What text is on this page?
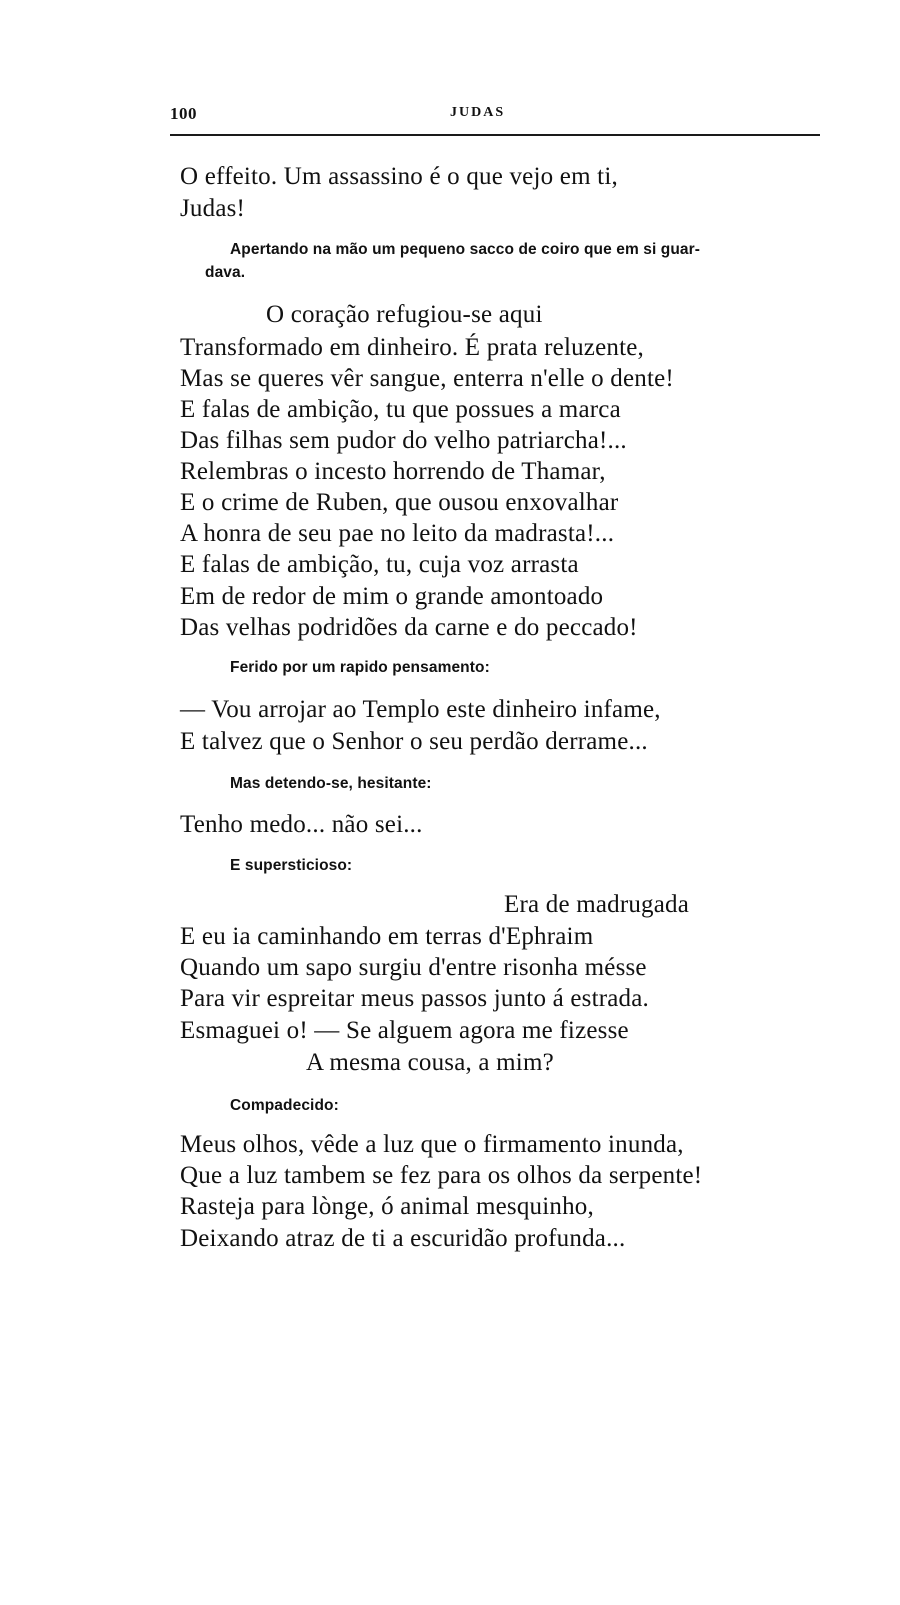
100	JUDAS
O effeito. Um assassino é o que vejo em ti,
Judas!
Apertando na mão um pequeno sacco de coiro que em si guar-
dava.
O coração refugiou-se aqui
Transformado em dinheiro. É prata reluzente,
Mas se queres vêr sangue, enterra n'elle o dente!
E falas de ambição, tu que possues a marca
Das filhas sem pudor do velho patriarcha!...
Relembras o incesto horrendo de Thamar,
E o crime de Ruben, que ousou enxovalhar
A honra de seu pae no leito da madrasta!...
E falas de ambição, tu, cuja voz arrasta
Em de redor de mim o grande amontoado
Das velhas podridões da carne e do peccado!
Ferido por um rapido pensamento:
— Vou arrojar ao Templo este dinheiro infame,
E talvez que o Senhor o seu perdão derrame...
Mas detendo-se, hesitante:
Tenho medo... não sei...
E supersticioso:
Era de madrugada
E eu ia caminhando em terras d'Ephraim
Quando um sapo surgiu d'entre risonha mésse
Para vir espreitar meus passos junto á estrada.
Esmaguei o! — Se alguem agora me fizesse
A mesma cousa, a mim?
Compadecido:
Meus olhos, vêde a luz que o firmamento inunda,
Que a luz tambem se fez para os olhos da serpente!
Rasteja para lònge, ó animal mesquinho,
Deixando atraz de ti a escuridão profunda...
